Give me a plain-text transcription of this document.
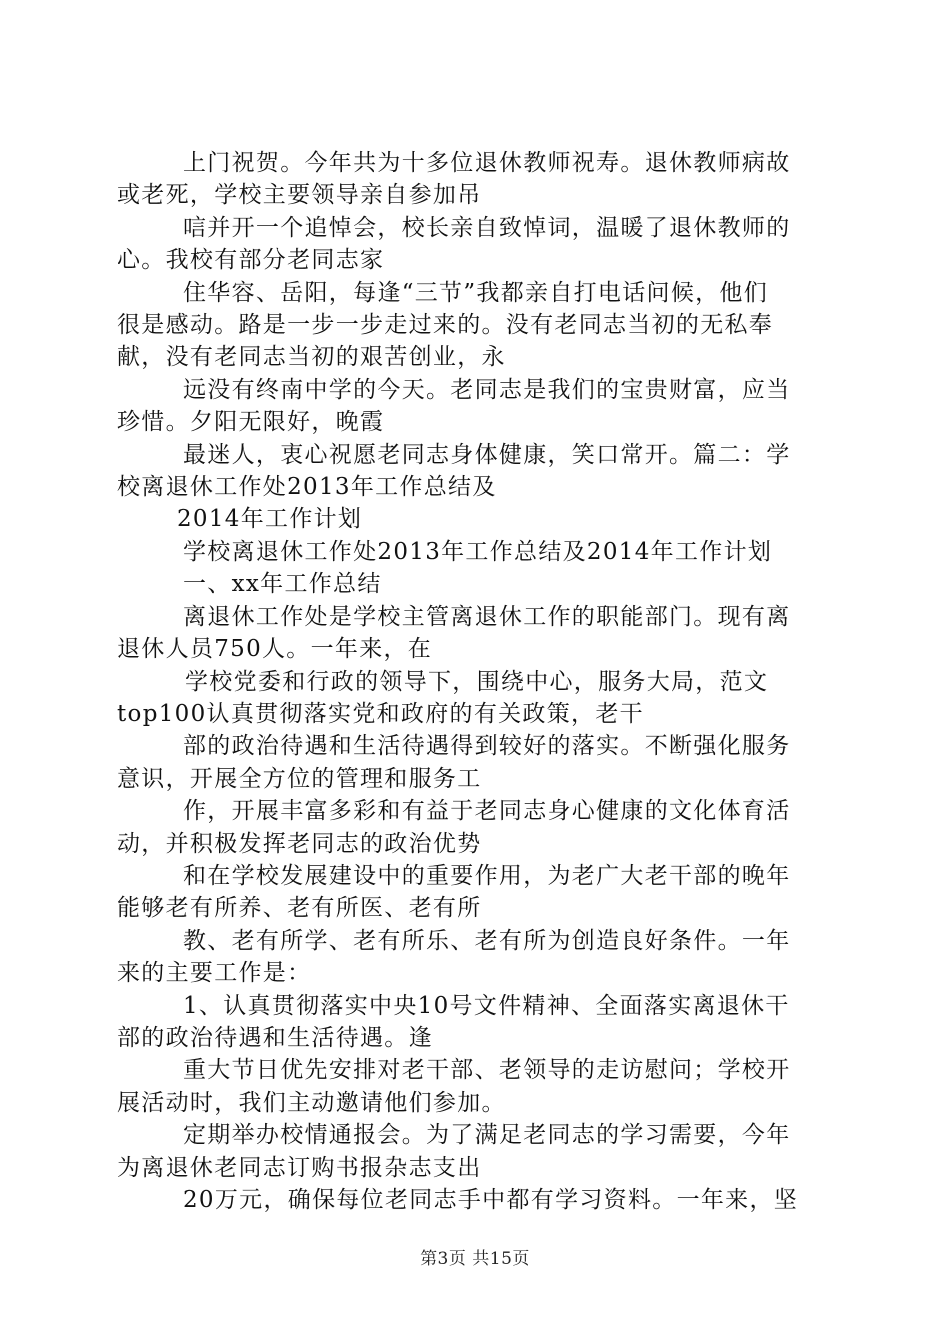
上门祝贺。今年共为十多位退休教师祝寿。退休教师病故
或老死，学校主要领导亲自参加吊
唁并开一个追悼会，校长亲自致悼词，温暖了退休教师的
心。我校有部分老同志家
住华容、岳阳，每逢“三节”我都亲自打电话问候，他们
很是感动。路是一步一步走过来的。没有老同志当初的无私奉
献，没有老同志当初的艰苦创业，永
远没有终南中学的今天。老同志是我们的宝贵财富，应当
珍惜。夕阳无限好，晚霞
最迷人，衷心祝愿老同志身体健康，笑口常开。篇二：学
校离退休工作处2013年工作总结及
2014年工作计划
学校离退休工作处2013年工作总结及2014年工作计划
一、xx年工作总结
离退休工作处是学校主管离退休工作的职能部门。现有离
退休人员750人。一年来，在
学校党委和行政的领导下，围绕中心，服务大局，范文
top100认真贯彻落实党和政府的有关政策，老干
部的政治待遇和生活待遇得到较好的落实。不断强化服务
意识，开展全方位的管理和服务工
作，开展丰富多彩和有益于老同志身心健康的文化体育活
动，并积极发挥老同志的政治优势
和在学校发展建设中的重要作用，为老广大老干部的晚年
能够老有所养、老有所医、老有所
教、老有所学、老有所乐、老有所为创造良好条件。一年
来的主要工作是：
1、认真贯彻落实中央10号文件精神、全面落实离退休干
部的政治待遇和生活待遇。逢
重大节日优先安排对老干部、老领导的走访慰问；学校开
展活动时，我们主动邀请他们参加。
定期举办校情通报会。为了满足老同志的学习需要，今年
为离退休老同志订购书报杂志支出
20万元，确保每位老同志手中都有学习资料。一年来，坚
第3页 共15页
